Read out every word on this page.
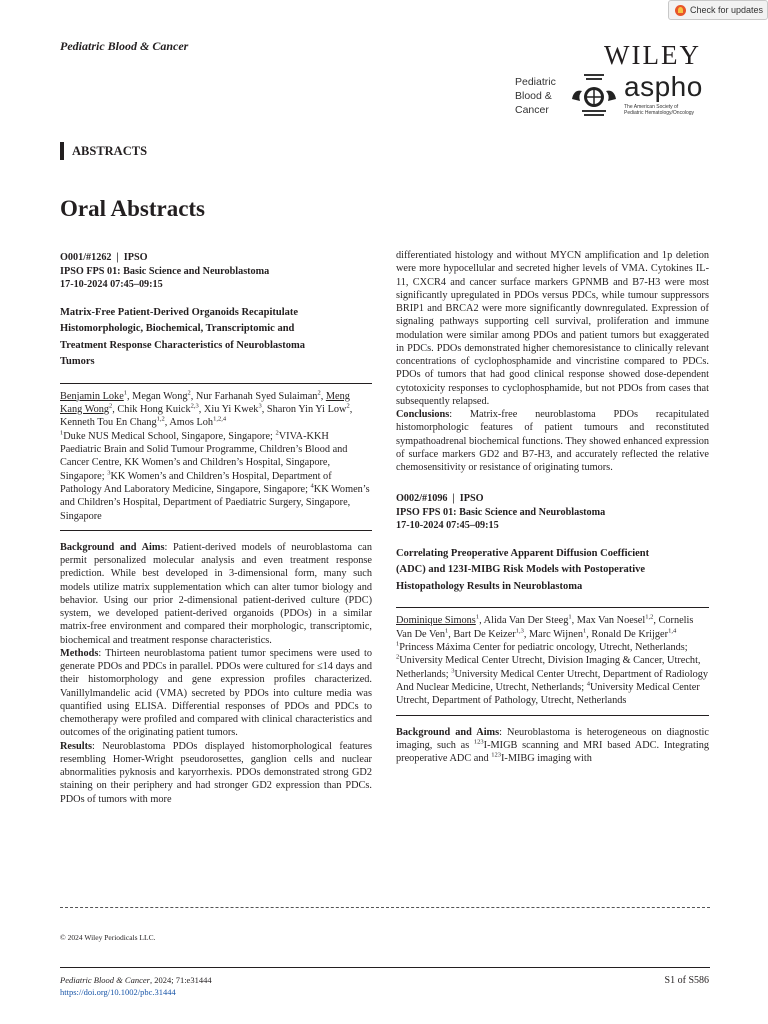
Check for updates
Pediatric Blood & Cancer	WILEY
Pediatric
Blood &
Cancer
aspho
The American Society of
Pediatric Hematology/Oncology
ABSTRACTS
Oral Abstracts
O001/#1262 | IPSO
IPSO FPS 01: Basic Science and Neuroblastoma
17-10-2024 07:45–09:15
Matrix-Free Patient-Derived Organoids Recapitulate
Histomorphologic, Biochemical, Transcriptomic and
Treatment Response Characteristics of Neuroblastoma
Tumors
Benjamin Loke$^1$, Megan Wong$^2$, Nur Farhanah Syed Sulaiman$^2$, Meng Kang Wong$^2$, Chik Hong Kuick$^{2,3}$, Xiu Yi Kwek$^3$, Sharon Yin Yi Low$^2$, Kenneth Tou En Chang$^{1,2}$, Amos Loh$^{1,2,4}$
$^1$Duke NUS Medical School, Singapore, Singapore; $^2$VIVA-KKH Paediatric Brain and Solid Tumour Programme, Children’s Blood and Cancer Centre, KK Women’s and Children’s Hospital, Singapore, Singapore; $^3$KK Women’s and Children’s Hospital, Department of Pathology And Laboratory Medicine, Singapore, Singapore; $^4$KK Women’s and Children’s Hospital, Department of Paediatric Surgery, Singapore, Singapore

Background and Aims: Patient-derived models of neuroblastoma can permit personalized molecular analysis and even treatment response prediction. While best developed in 3-dimensional form, many such models utilize matrix supplementation which can alter tumor biology and behavior. Using our prior 2-dimensional patient-derived culture (PDC) system, we developed patient-derived organoids (PDOs) in a similar matrix-free environment and compared their morphologic, transcriptomic, biochemical and treatment response characteristics.

Methods: Thirteen neuroblastoma patient tumor specimens were used to generate PDOs and PDCs in parallel. PDOs were cultured for ≤14 days and their histomorphology and gene expression profiles characterized. Vanillylmandelic acid (VMA) secreted by PDOs into culture media was quantified using ELISA. Differential responses of PDOs and PDCs to chemotherapy were profiled and compared with clinical characteristics and outcomes of the originating patient tumors.

Results: Neuroblastoma PDOs displayed histomorphological features resembling Homer-Wright pseudorosettes, ganglion cells and nuclear abnormalities pyknosis and karyorrhexis. PDOs demonstrated strong GD2 staining on their periphery and had stronger GD2 expression than PDCs. PDOs of tumors with more

differentiated histology and without MYCN amplification and 1p deletion were more hypocellular and secreted higher levels of VMA. Cytokines IL-11, CXCR4 and cancer surface markers GPNMB and B7-H3 were most significantly upregulated in PDOs versus PDCs, while tumour suppressors BRIP1 and BRCA2 were more significantly downregulated. Expression of signaling pathways supporting cell survival, proliferation and immune modulation were similar among PDOs and patient tumors but exaggerated in PDCs. PDOs demonstrated higher chemoresistance to clinically relevant concentrations of cyclophosphamide and vincristine compared to PDCs. PDOs of tumors that had good clinical response showed dose-dependent cytotoxicity responses to cyclophosphamide, but not PDOs from cases that subsequently relapsed.

Conclusions: Matrix-free neuroblastoma PDOs recapitulated histomorphologic features of patient tumours and reconstituted sympathoadrenal biochemical functions. They showed enhanced expression of surface markers GD2 and B7-H3, and accurately reflected the relative chemosensitivity or resistance of originating tumors.

O002/#1096 | IPSO
IPSO FPS 01: Basic Science and Neuroblastoma
17-10-2024 07:45–09:15
Correlating Preoperative Apparent Diffusion Coefficient
(ADC) and 123I-MIBG Risk Models with Postoperative
Histopathology Results in Neuroblastoma
Dominique Simons$^1$, Alida Van Der Steeg$^1$, Max Van Noesel$^{1,2}$, Cornelis Van De Ven$^1$, Bart De Keizer$^{1,3}$, Marc Wijnen$^1$, Ronald De Krijger$^{1,4}$
$^1$Princess Máxima Center for pediatric oncology, Utrecht, Netherlands; $^2$University Medical Center Utrecht, Division Imaging & Cancer, Utrecht, Netherlands; $^3$University Medical Center Utrecht, Department of Radiology And Nuclear Medicine, Utrecht, Netherlands; $^4$University Medical Center Utrecht, Department of Pathology, Utrecht, Netherlands

Background and Aims: Neuroblastoma is heterogeneous on diagnostic imaging, such as $^{123}$I-MIGB scanning and MRI based ADC. Integrating preoperative ADC and $^{123}$I-MIBG imaging with

© 2024 Wiley Periodicals LLC.
Pediatric Blood & Cancer, 2024; 71:e31444
https://doi.org/10.1002/pbc.31444
S1 of S586
